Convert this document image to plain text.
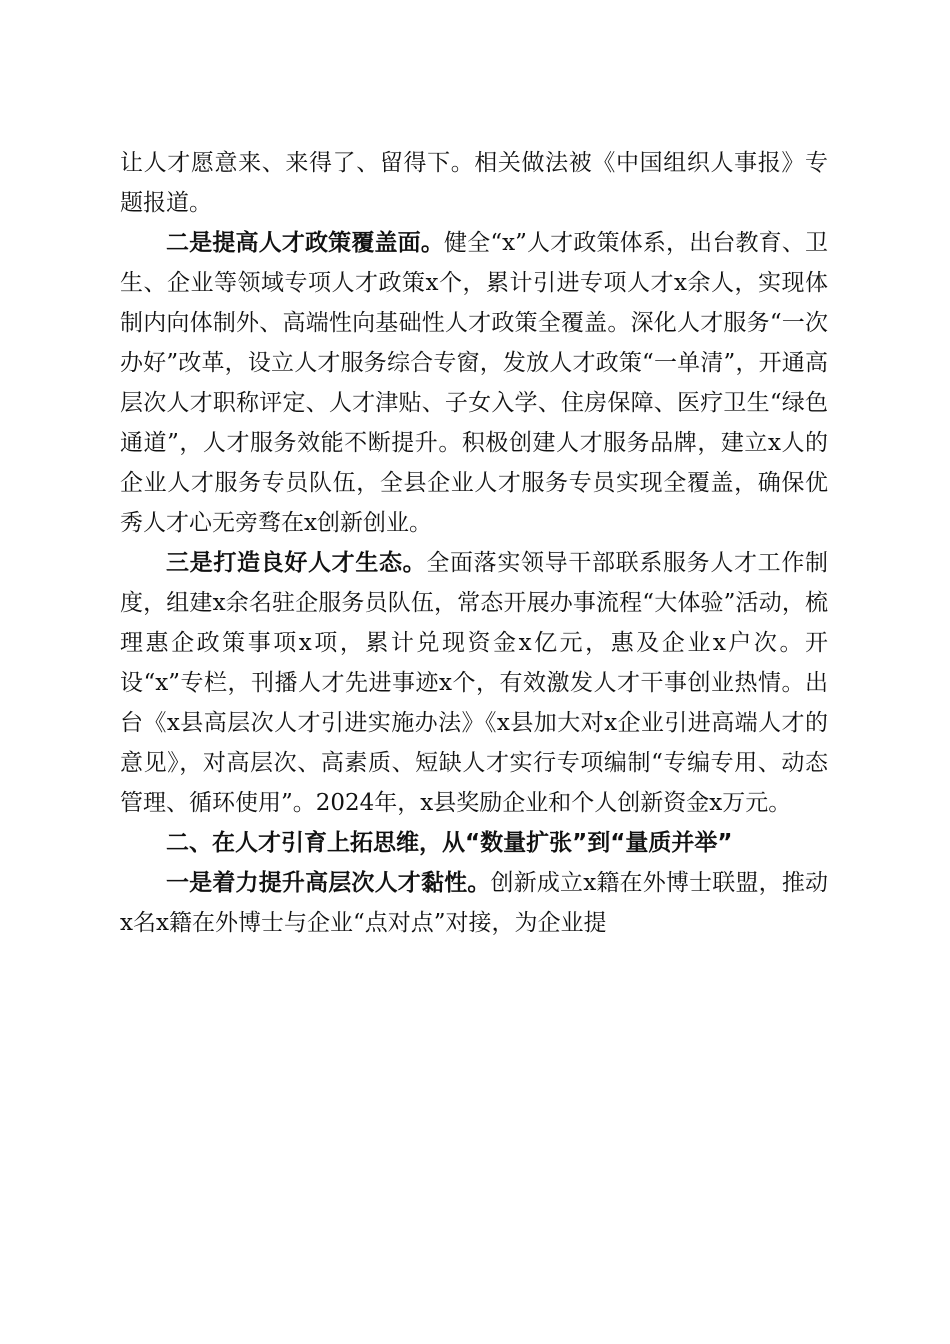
让人才愿意来、来得了、留得下。相关做法被《中国组织人事报》专题报道。

二是提高人才政策覆盖面。健全“x”人才政策体系，出台教育、卫生、企业等领域专项人才政策x个，累计引进专项人才x余人，实现体制内向体制外、高端性向基础性人才政策全覆盖。深化人才服务“一次办好”改革，设立人才服务综合专窗，发放人才政策“一单清”，开通高层次人才职称评定、人才津贴、子女入学、住房保障、医疗卫生“绿色通道”，人才服务效能不断提升。积极创建人才服务品牌，建立x人的企业人才服务专员队伍，全县企业人才服务专员实现全覆盖，确保优秀人才心无旁骛在x创新创业。

三是打造良好人才生态。全面落实领导干部联系服务人才工作制度，组建x余名驻企服务员队伍，常态开展办事流程“大体验”活动，梳理惠企政策事项x项，累计兑现资金x亿元，惠及企业x户次。开设“x”专栏，刊播人才先进事迹x个，有效激发人才干事创业热情。出台《x县高层次人才引进实施办法》《x县加大对x企业引进高端人才的意见》，对高层次、高素质、短缺人才实行专项编制“专编专用、动态管理、循环使用”。2024年，x县奖励企业和个人创新资金x万元。

二、在人才引育上拓思维，从“数量扩张”到“量质并举”

一是着力提升高层次人才黏性。创新成立x籍在外博士联盟，推动x名x籍在外博士与企业“点对点”对接，为企业提
